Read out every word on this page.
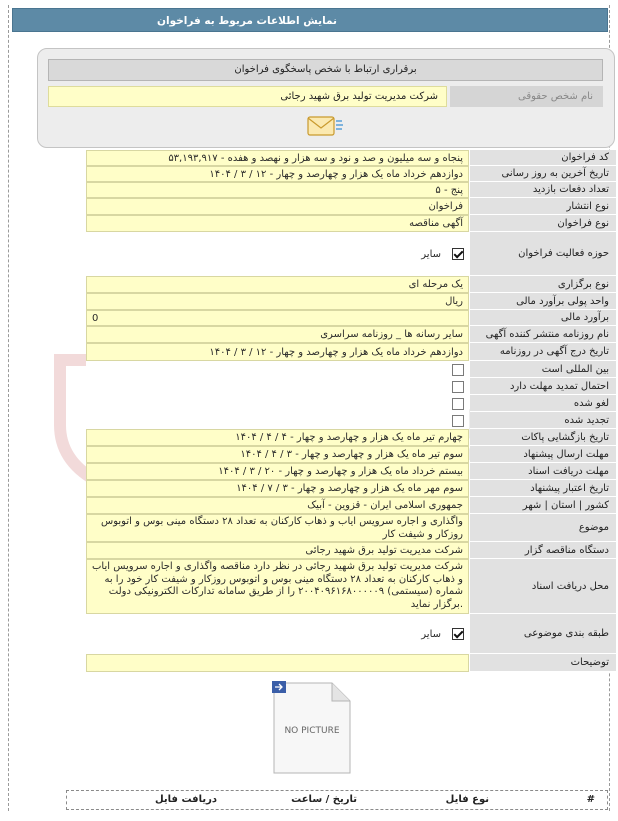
نمایش اطلاعات مربوط به فراخوان
برقراری ارتباط با شخص پاسخگوی فراخوان
نام شخص حقوقی
شرکت مدیریت تولید برق شهید رجائی
کد فراخوان
۵۳,۱۹۳,۹۱۷ - پنجاه و سه میلیون و صد و نود و سه هزار و نهصد و هفده
تاریخ آخرین به روز رسانی
۱۴۰۴ / ۳ / ۱۲ - دوازدهم خرداد ماه یک هزار و چهارصد و چهار
تعداد دفعات بازدید
۵ - پنج
نوع انتشار
فراخوان
نوع فراخوان
آگهی مناقصه
حوزه فعالیت فراخوان
سایر
نوع برگزاری
یک مرحله ای
واحد پولی برآورد مالی
ریال
برآورد مالی
0
نام روزنامه منتشر کننده آگهی
سایر رسانه ها _ روزنامه سراسری
تاریخ درج آگهی در روزنامه
۱۴۰۴ / ۳ / ۱۲ - دوازدهم خرداد ماه یک هزار و چهارصد و چهار
بین المللی است
احتمال تمدید مهلت دارد
لغو شده
تجدید شده
تاریخ بازگشایی پاکات
۱۴۰۴ / ۴ / ۴ - چهارم تیر ماه یک هزار و چهارصد و چهار
مهلت ارسال پیشنهاد
۱۴۰۴ / ۴ / ۳ - سوم تیر ماه یک هزار و چهارصد و چهار
مهلت دریافت اسناد
۱۴۰۴ / ۳ / ۲۰ - بیستم خرداد ماه یک هزار و چهارصد و چهار
تاریخ اعتبار پیشنهاد
۱۴۰۴ / ۷ / ۳ - سوم مهر ماه یک هزار و چهارصد و چهار
کشور | استان | شهر
جمهوری اسلامی ایران - قزوین - آبیک
موضوع
واگذاری و اجاره سرویس ایاب و ذهاب کارکنان به تعداد ۲۸ دستگاه مینی بوس و اتوبوس روزکار و شیفت کار
دستگاه مناقصه گزار
شرکت مدیریت تولید برق شهید رجائی
محل دریافت اسناد
شرکت مدیریت تولید برق شهید رجائی در نظر دارد مناقصه واگذاری و اجاره سرویس ایاب و ذهاب کارکنان به تعداد ۲۸ دستگاه مینی بوس و اتوبوس روزکار و شیفت کار خود را به شماره (سیستمی) ۲۰۰۴۰۹۶۱۶۸۰۰۰۰۰۹ را از طریق سامانه تدارکات الکترونیکی دولت برگزار نماید.
طبقه بندی موضوعی
سایر
توضیحات
NO PICTURE
#
نوع فایل
تاریخ / ساعت
دریافت فایل
